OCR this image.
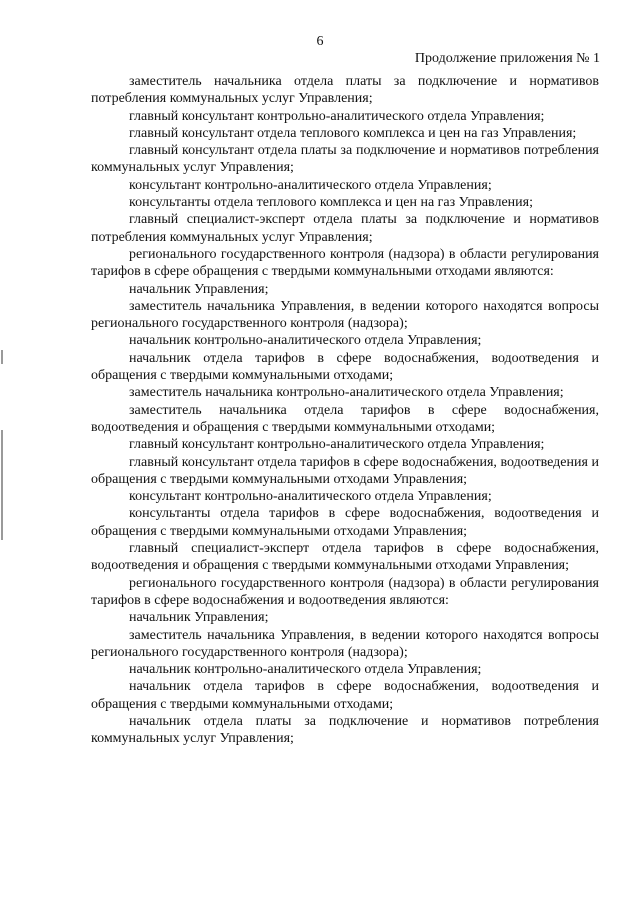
6
Продолжение приложения № 1

заместитель начальника отдела платы за подключение и нормативов потребления коммунальных услуг Управления;

главный консультант контрольно-аналитического отдела Управления;

главный консультант отдела теплового комплекса и цен на газ Управления;

главный консультант отдела платы за подключение и нормативов потребления коммунальных услуг Управления;

консультант контрольно-аналитического отдела Управления;

консультанты отдела теплового комплекса и цен на газ Управления;

главный специалист-эксперт отдела платы за подключение и нормативов потребления коммунальных услуг Управления;

регионального государственного контроля (надзора) в области регулирования тарифов в сфере обращения с твердыми коммунальными отходами являются:

начальник Управления;

заместитель начальника Управления, в ведении которого находятся вопросы регионального государственного контроля (надзора);

начальник контрольно-аналитического отдела Управления;

начальник отдела тарифов в сфере водоснабжения, водоотведения и обращения с твердыми коммунальными отходами;

заместитель начальника контрольно-аналитического отдела Управления;

заместитель начальника отдела тарифов в сфере водоснабжения, водоотведения и обращения с твердыми коммунальными отходами;

главный консультант контрольно-аналитического отдела Управления;

главный консультант отдела тарифов в сфере водоснабжения, водоотведения и обращения с твердыми коммунальными отходами Управления;

консультант контрольно-аналитического отдела Управления;

консультанты отдела тарифов в сфере водоснабжения, водоотведения и обращения с твердыми коммунальными отходами Управления;

главный специалист-эксперт отдела тарифов в сфере водоснабжения, водоотведения и обращения с твердыми коммунальными отходами Управления;

регионального государственного контроля (надзора) в области регулирования тарифов в сфере водоснабжения и водоотведения являются:

начальник Управления;

заместитель начальника Управления, в ведении которого находятся вопросы регионального государственного контроля (надзора);

начальник контрольно-аналитического отдела Управления;

начальник отдела тарифов в сфере водоснабжения, водоотведения и обращения с твердыми коммунальными отходами;

начальник отдела платы за подключение и нормативов потребления коммунальных услуг Управления;
